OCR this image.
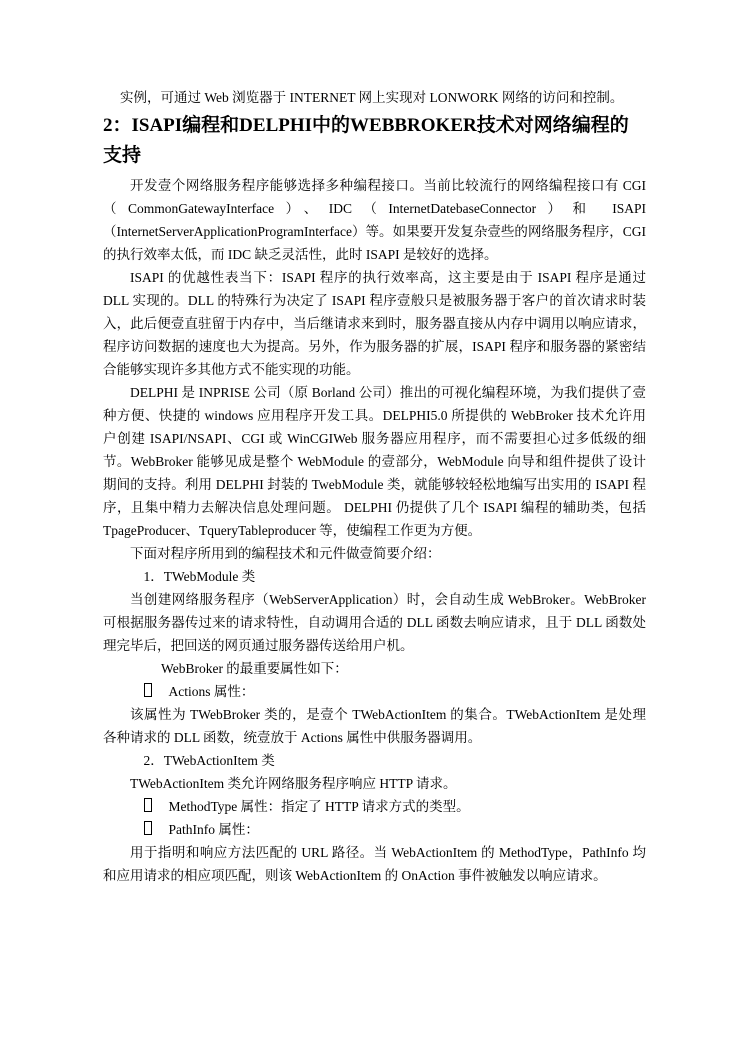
实例，可通过 Web 浏览器于 INTERNET 网上实现对 LONWORK 网络的访问和控制。

2：ISAPI编程和DELPHI中的WEBBROKER技术对网络编程的支持

开发壹个网络服务程序能够选择多种编程接口。当前比较流行的网络编程接口有 CGI（CommonGatewayInterface）、IDC（InternetDatebaseConnector）和 ISAPI（InternetServerApplicationProgramInterface）等。如果要开发复杂壹些的网络服务程序，CGI 的执行效率太低，而 IDC 缺乏灵活性，此时 ISAPI 是较好的选择。

ISAPI 的优越性表当下：ISAPI 程序的执行效率高，这主要是由于 ISAPI 程序是通过 DLL 实现的。DLL 的特殊行为决定了 ISAPI 程序壹般只是被服务器于客户的首次请求时装入，此后便壹直驻留于内存中，当后继请求来到时，服务器直接从内存中调用以响应请求，程序访问数据的速度也大为提高。另外，作为服务器的扩展，ISAPI 程序和服务器的紧密结合能够实现许多其他方式不能实现的功能。

DELPHI 是 INPRISE 公司（原 Borland 公司）推出的可视化编程环境，为我们提供了壹种方便、快捷的 windows 应用程序开发工具。DELPHI5.0 所提供的 WebBroker 技术允许用户创建 ISAPI/NSAPI、CGI 或 WinCGIWeb 服务器应用程序，而不需要担心过多低级的细节。WebBroker 能够见成是整个 WebModule 的壹部分，WebModule 向导和组件提供了设计期间的支持。利用 DELPHI 封装的 TwebModule 类，就能够较轻松地编写出实用的 ISAPI 程序，且集中精力去解决信息处理问题。 DELPHI 仍提供了几个 ISAPI 编程的辅助类，包括 TpageProducer、TqueryTableproducer 等，使编程工作更为方便。

下面对程序所用到的编程技术和元件做壹简要介绍：

1．TWebModule 类

当创建网络服务程序（WebServerApplication）时，会自动生成 WebBroker。WebBroker 可根据服务器传过来的请求特性，自动调用合适的 DLL 函数去响应请求，且于 DLL 函数处理完毕后，把回送的网页通过服务器传送给用户机。

WebBroker 的最重要属性如下：

Actions 属性：

该属性为 TWebBroker 类的，是壹个 TWebActionItem 的集合。TWebActionItem 是处理各种请求的 DLL 函数，统壹放于 Actions 属性中供服务器调用。

2．TWebActionItem 类

TWebActionItem 类允许网络服务程序响应 HTTP 请求。

MethodType 属性：指定了 HTTP 请求方式的类型。

PathInfo 属性：

用于指明和响应方法匹配的 URL 路径。当 WebActionItem 的 MethodType，PathInfo 均和应用请求的相应项匹配，则该 WebActionItem 的 OnAction 事件被触发以响应请求。
